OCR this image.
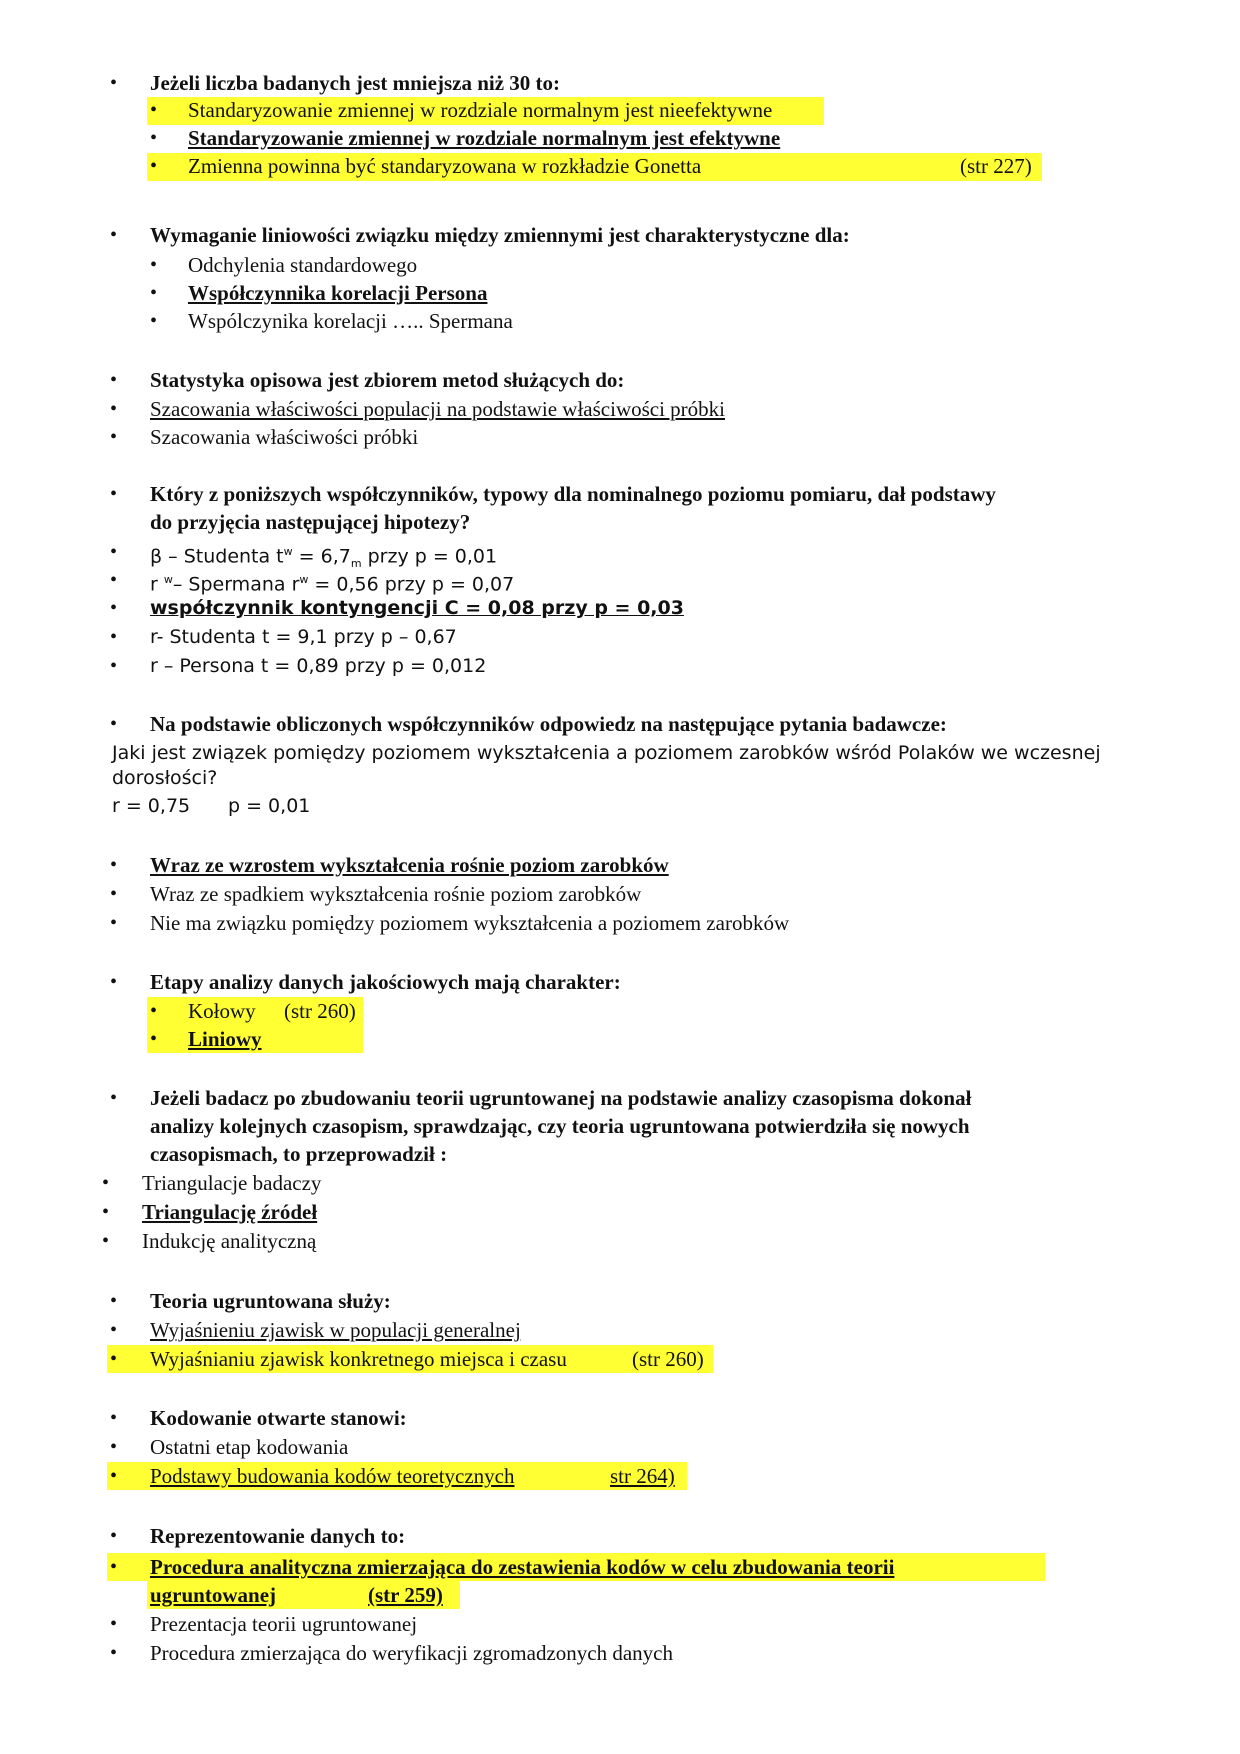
• Jeżeli liczba badanych jest mniejsza niż 30 to:
• Standaryzowanie zmiennej w rozdziale normalnym jest nieefektywne
• Standaryzowanie zmiennej w rozdziale normalnym jest efektywne
• Zmienna powinna być standaryzowana w rozkładzie Gonetta	(str 227)
• Wymaganie liniowości związku między zmiennymi jest charakterystyczne dla:
• Odchylenia standardowego
• Współczynnika korelacji Persona
• Wspólczynika korelacji ….. Spermana
• Statystyka opisowa jest zbiorem metod służących do:
• Szacowania właściwości populacji na podstawie właściwości próbki
• Szacowania właściwości próbki
• Który z poniższych współczynników, typowy dla nominalnego poziomu pomiaru, dał podstawy
do przyjęcia następującej hipotezy?
• β – Studenta $t^w = 6,7_m$ przy p = 0,01
• r $^w$– Spermana $r^w = 0,56$ przy p = 0,07
• współczynnik kontyngencji C = 0,08 przy p = 0,03
• r- Studenta t = 9,1 przy p – 0,67
• r – Persona t = 0,89 przy p = 0,012
• Na podstawie obliczonych współczynników odpowiedz na następujące pytania badawcze:
Jaki jest związek pomiędzy poziomem wykształcenia a poziomem zarobków wśród Polaków we wczesnej
dorosłości?
r = 0,75 p = 0,01
• Wraz ze wzrostem wykształcenia rośnie poziom zarobków
• Wraz ze spadkiem wykształcenia rośnie poziom zarobków
• Nie ma związku pomiędzy poziomem wykształcenia a poziomem zarobków
• Etapy analizy danych jakościowych mają charakter:
• Kołowy (str 260)
• Liniowy
• Jeżeli badacz po zbudowaniu teorii ugruntowanej na podstawie analizy czasopisma dokonał
analizy kolejnych czasopism, sprawdzając, czy teoria ugruntowana potwierdziła się nowych
czasopismach, to przeprowadził :
• Triangulacje badaczy
• Triangulację źródeł
• Indukcję analityczną
• Teoria ugruntowana służy:
• Wyjaśnieniu zjawisk w populacji generalnej
• Wyjaśnianiu zjawisk konkretnego miejsca i czasu	(str 260)
• Kodowanie otwarte stanowi:
• Ostatni etap kodowania
• Podstawy budowania kodów teoretycznych	str 264)
• Reprezentowanie danych to:
• Procedura analityczna zmierzająca do zestawienia kodów w celu zbudowania teorii
ugruntowanej	(str 259)
• Prezentacja teorii ugruntowanej
• Procedura zmierzająca do weryfikacji zgromadzonych danych
